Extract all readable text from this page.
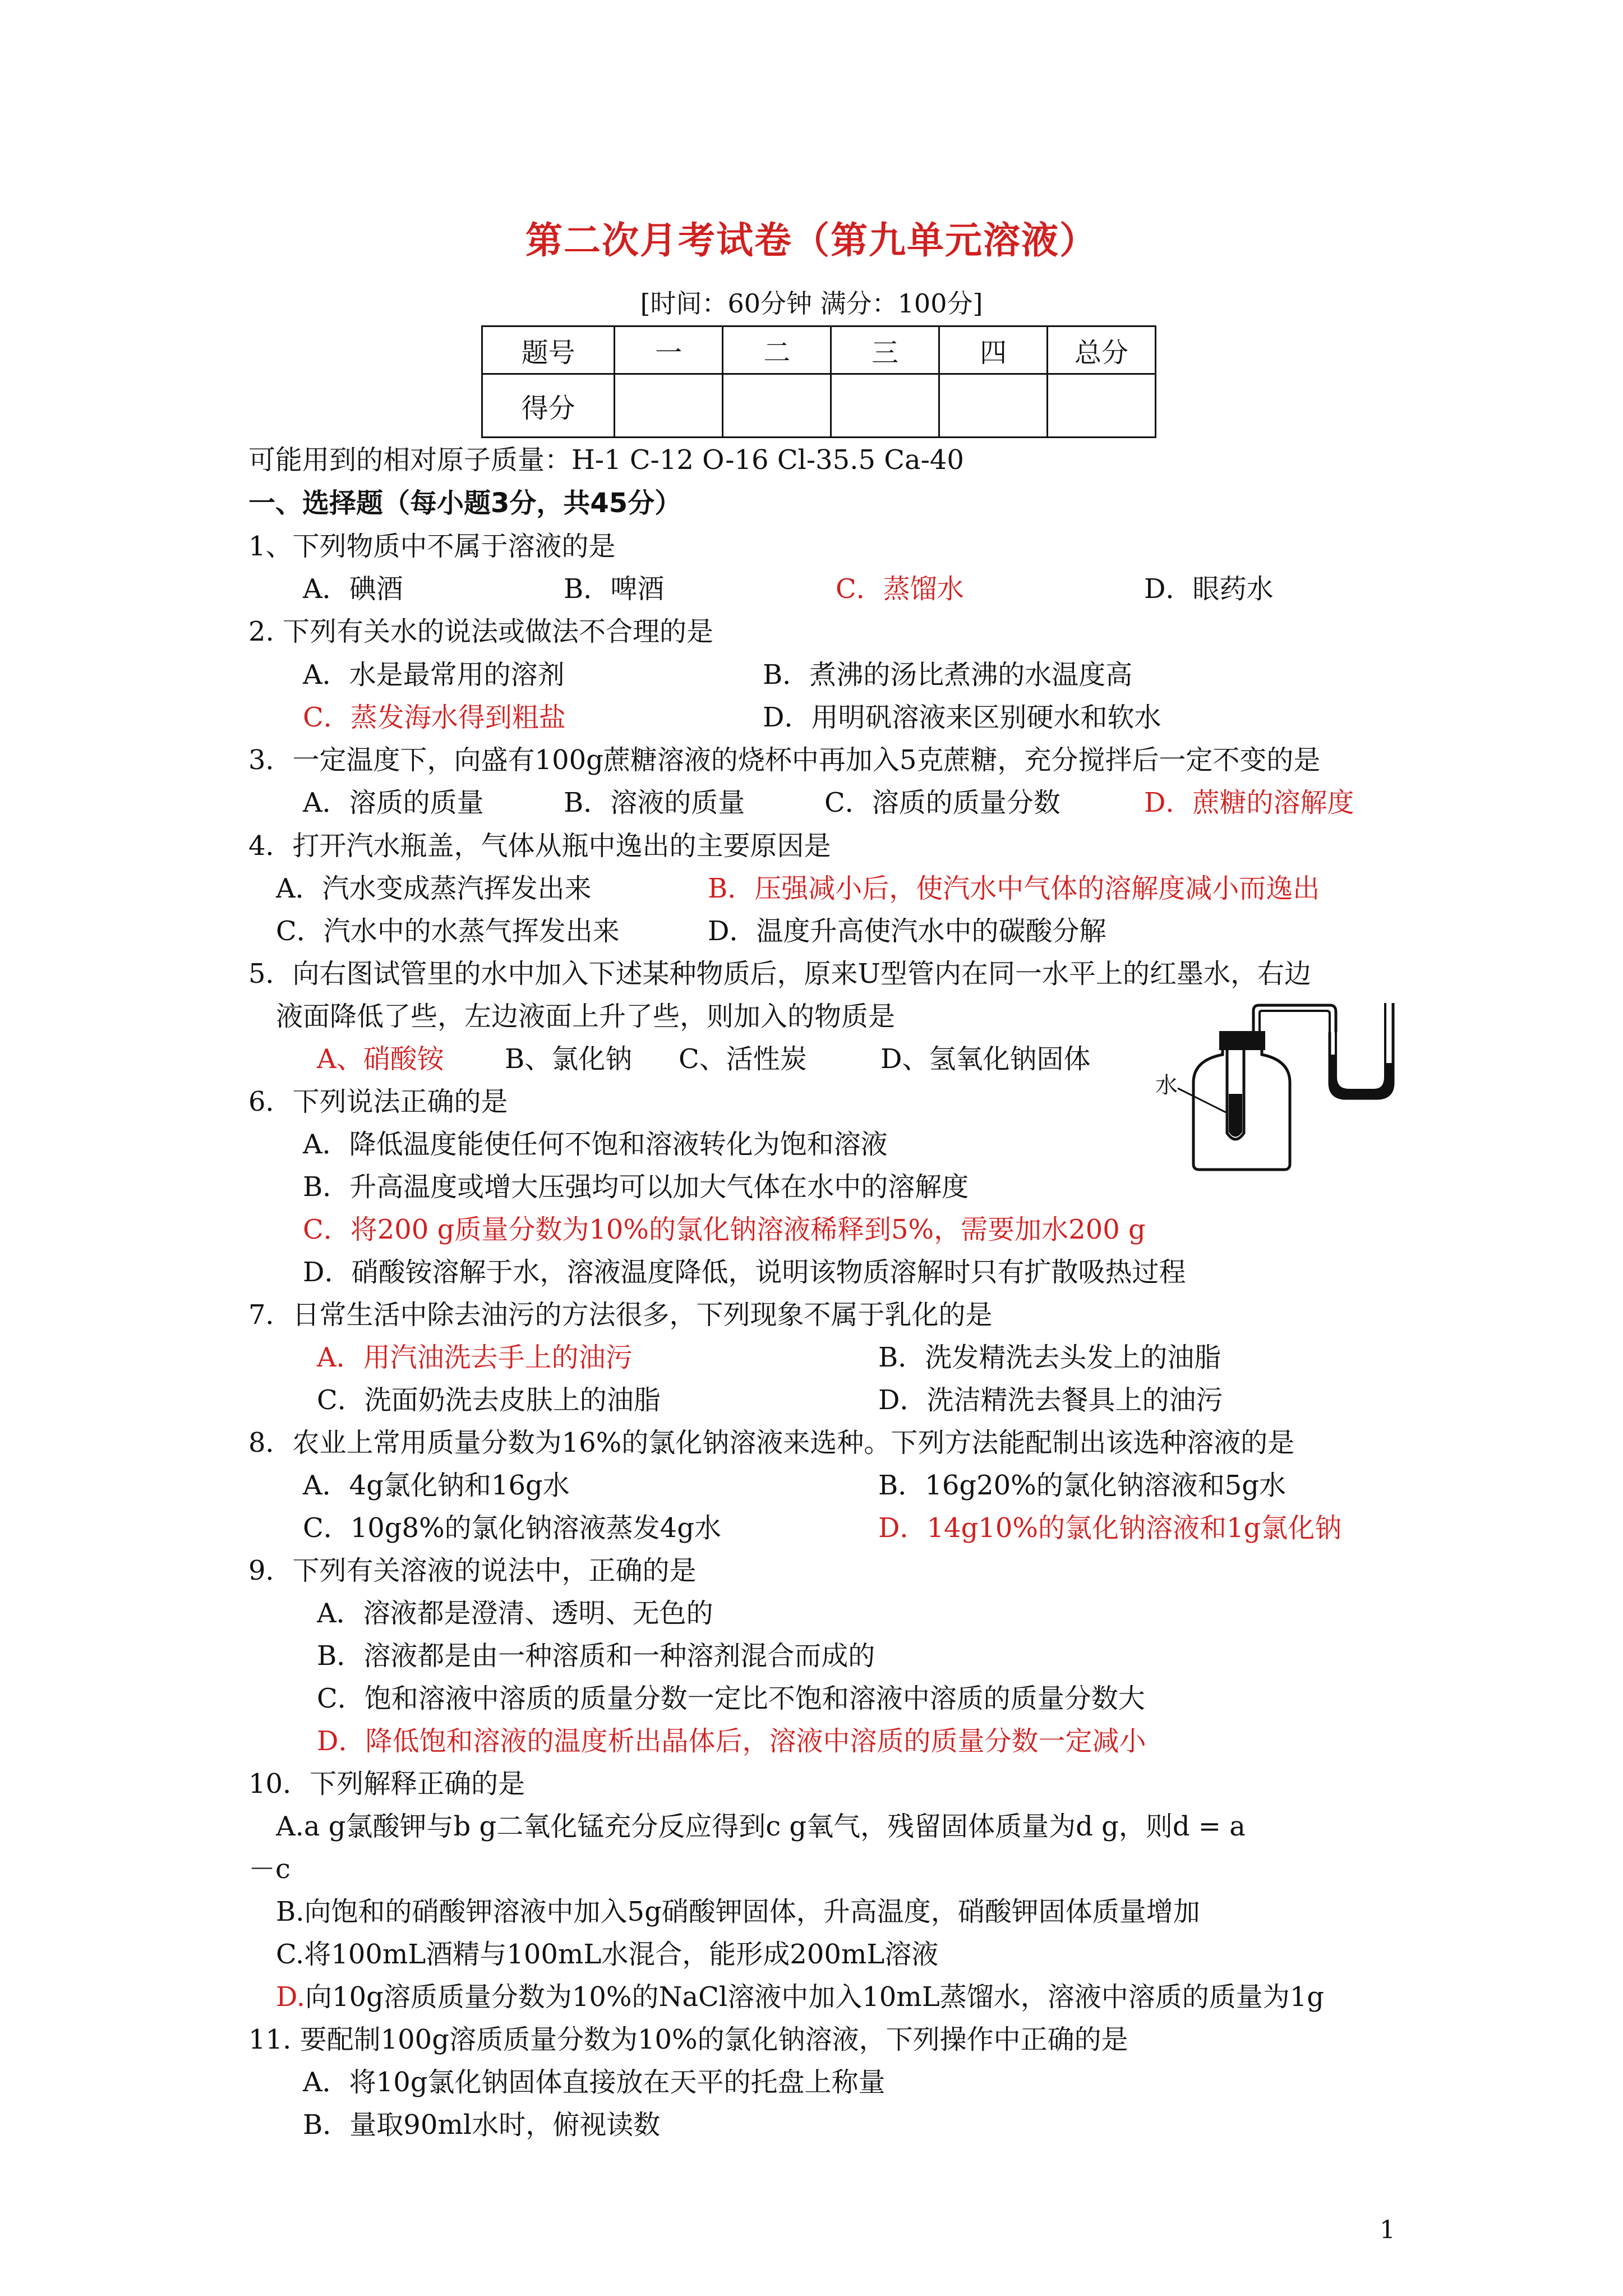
第二次月考试卷（第九单元溶液）
[时间：60分钟 满分：100分]
题号	一	二	三	四	总分
得分					
可能用到的相对原子质量：H-1 C-12 O-16 Cl-35.5 Ca-40
一、选择题（每小题3分，共45分）
1、下列物质中不属于溶液的是
A．碘酒	B．啤酒	C．蒸馏水	D．眼药水
2. 下列有关水的说法或做法不合理的是
A．水是最常用的溶剂	B．煮沸的汤比煮沸的水温度高
C．蒸发海水得到粗盐	D．用明矾溶液来区别硬水和软水
3．一定温度下，向盛有100g蔗糖溶液的烧杯中再加入5克蔗糖，充分搅拌后一定不变的是
A．溶质的质量	B．溶液的质量	C．溶质的质量分数	D．蔗糖的溶解度
4．打开汽水瓶盖，气体从瓶中逸出的主要原因是
A．汽水变成蒸汽挥发出来	B．压强减小后，使汽水中气体的溶解度减小而逸出
C．汽水中的水蒸气挥发出来	D．温度升高使汽水中的碳酸分解
5．向右图试管里的水中加入下述某种物质后，原来U型管内在同一水平上的红墨水，右边
液面降低了些，左边液面上升了些，则加入的物质是
A、硝酸铵 B、氯化钠 C、活性炭	D、氢氧化钠固体
水
6．下列说法正确的是
A．降低温度能使任何不饱和溶液转化为饱和溶液
B．升高温度或增大压强均可以加大气体在水中的溶解度
C．将200 g质量分数为10%的氯化钠溶液稀释到5%，需要加水200 g
D．硝酸铵溶解于水，溶液温度降低，说明该物质溶解时只有扩散吸热过程
7．日常生活中除去油污的方法很多，下列现象不属于乳化的是
A．用汽油洗去手上的油污	B．洗发精洗去头发上的油脂
C．洗面奶洗去皮肤上的油脂	D．洗洁精洗去餐具上的油污
8．农业上常用质量分数为16%的氯化钠溶液来选种。下列方法能配制出该选种溶液的是
A．4g氯化钠和16g水	B．16g20%的氯化钠溶液和5g水
C．10g8%的氯化钠溶液蒸发4g水	D．14g10%的氯化钠溶液和1g氯化钠
9．下列有关溶液的说法中，正确的是
A．溶液都是澄清、透明、无色的
B．溶液都是由一种溶质和一种溶剂混合而成的
C．饱和溶液中溶质的质量分数一定比不饱和溶液中溶质的质量分数大
D．降低饱和溶液的温度析出晶体后，溶液中溶质的质量分数一定减小
10．下列解释正确的是
A.a g氯酸钾与b g二氧化锰充分反应得到c g氧气，残留固体质量为d g，则d = a
－c
B.向饱和的硝酸钾溶液中加入5g硝酸钾固体，升高温度，硝酸钾固体质量增加
C.将100mL酒精与100mL水混合，能形成200mL溶液
D.向10g溶质质量分数为10%的NaCl溶液中加入10mL蒸馏水，溶液中溶质的质量为1g
11. 要配制100g溶质质量分数为10%的氯化钠溶液，下列操作中正确的是
A．将10g氯化钠固体直接放在天平的托盘上称量
B．量取90ml水时，俯视读数
1
